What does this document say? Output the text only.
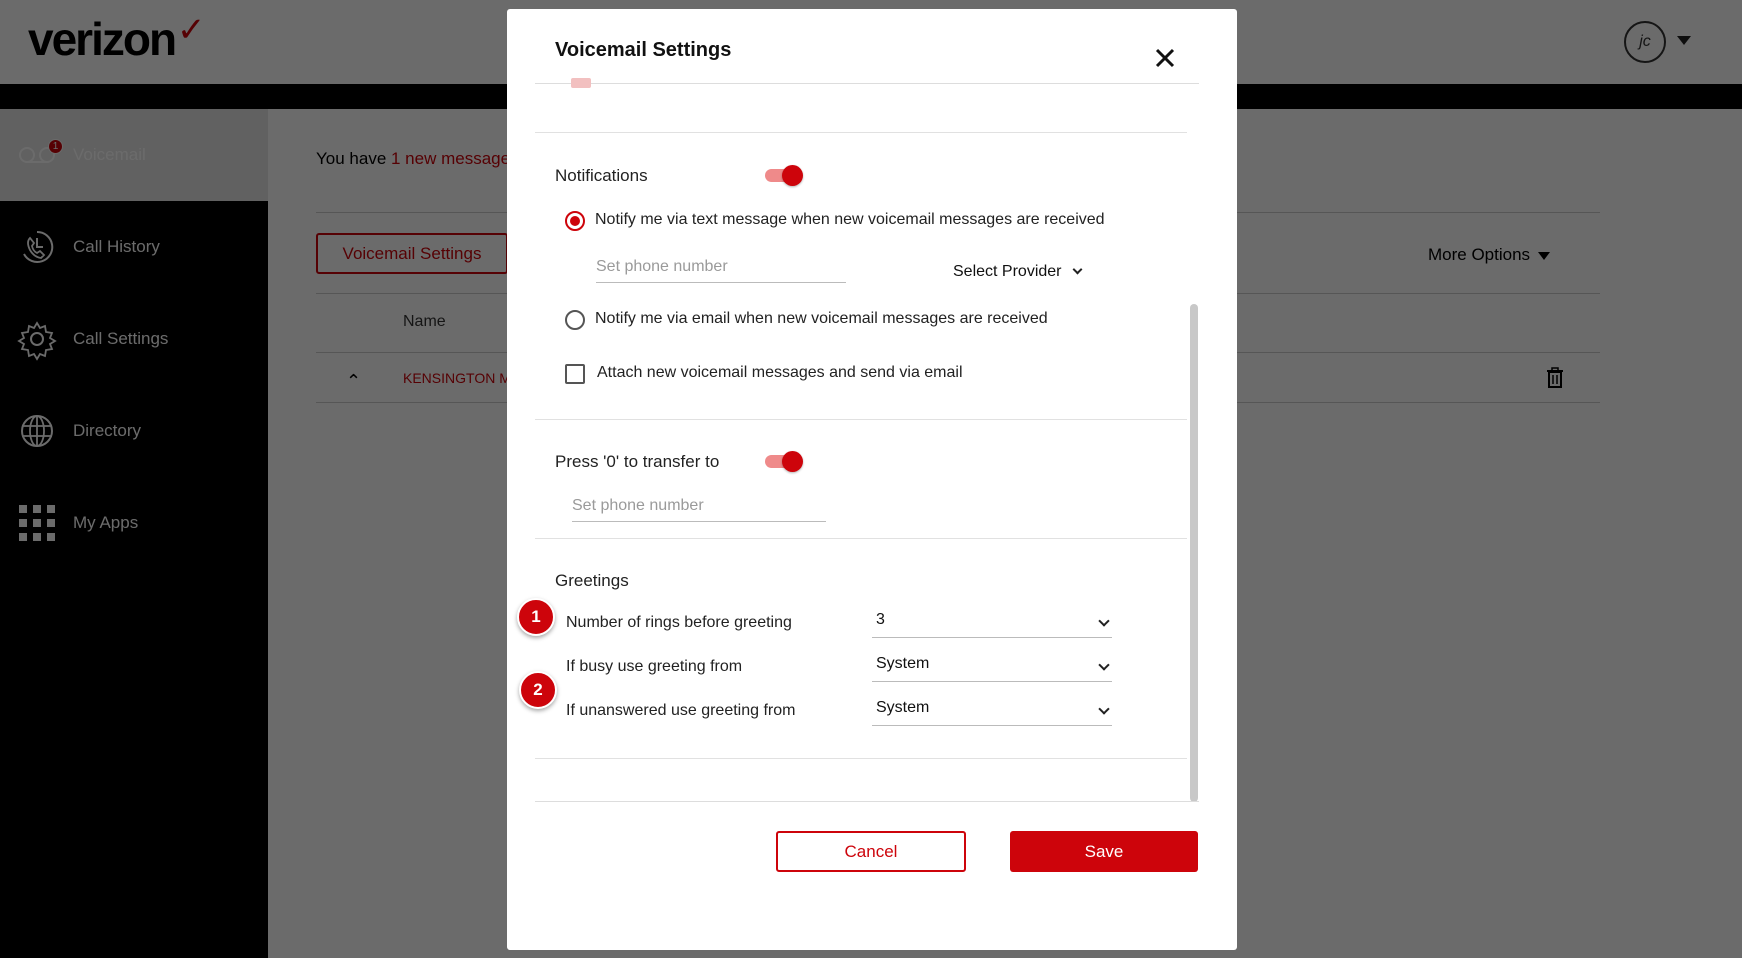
Voicemail Settings
Notifications
Notify me via text message when new voicemail messages are received
Set phone number
Select Provider
Notify me via email when new voicemail messages are received
Attach new voicemail messages and send via email
Press '0' to transfer to
Set phone number
Greetings
1	Number of rings before greeting	3
If busy use greeting from	System
2
If unanswered use greeting from	System
Cancel	Save
